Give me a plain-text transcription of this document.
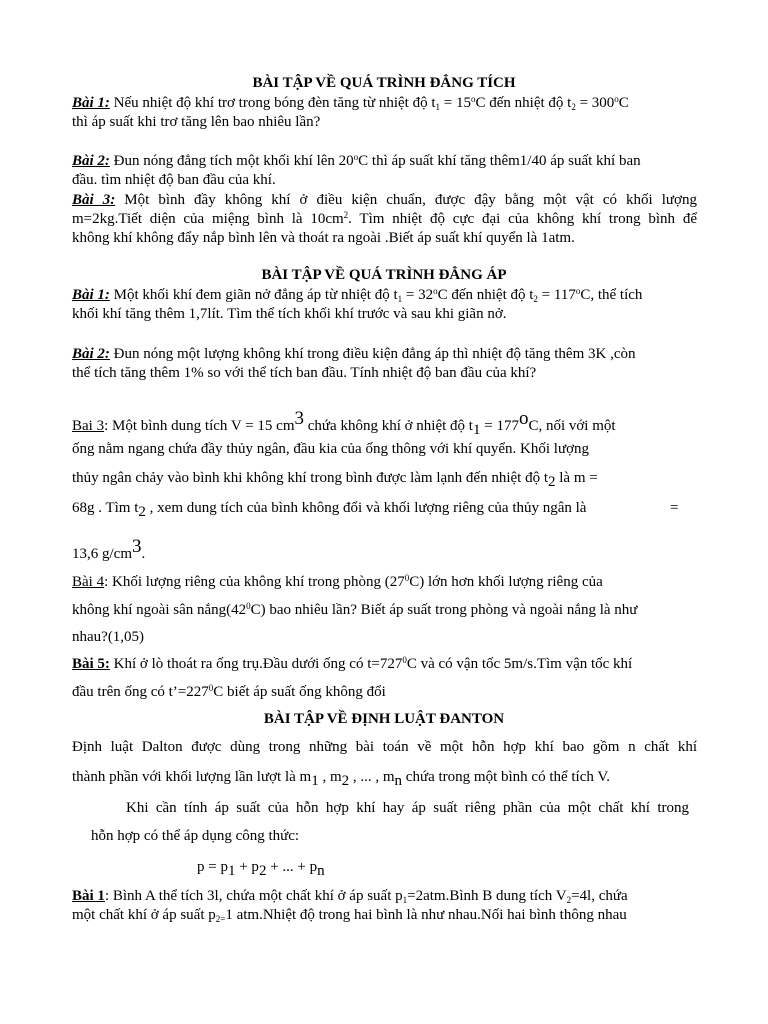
BÀI TẬP VỀ QUÁ TRÌNH ĐẲNG TÍCH
Bài 1: Nếu nhiệt độ khí trơ trong bóng đèn tăng từ nhiệt độ $t_1 = 15^oC$ đến nhiệt độ $t_2 = 300^oC$
thì áp suất khi trơ tăng lên bao nhiêu lần?
Bài 2: Đun nóng đẳng tích một khối khí lên 20$^o$C thì áp suất khí tăng thêm1/40 áp suất khí ban
đầu. tìm nhiệt độ ban đầu của khí.
Bài 3: Một bình đầy không khí ở điều kiện chuẩn, được đậy bằng một vật có khối lượng
m=2kg.Tiết diện của miệng bình là $10cm^2$. Tìm nhiệt độ cực đại của không khí trong bình để
không khí không đẩy nắp bình lên và thoát ra ngoài .Biết áp suất khí quyển là 1atm.
BÀI TẬP VỀ QUÁ TRÌNH ĐẲNG ÁP
Bài 1: Một khối khí đem giãn nở đẳng áp từ nhiệt độ $t_1 = 32^oC$ đến nhiệt độ $t_2 = 117^oC$, thể tích
khối khí tăng thêm 1,7lít. Tìm thể tích khối khí trước và sau khi giãn nở.
Bài 2: Đun nóng một lượng không khí trong điều kiện đẳng áp thì nhiệt độ tăng thêm 3K ,còn
thể tích tăng thêm 1% so với thể tích ban đầu. Tính nhiệt độ ban đầu của khí?
Bai 3: Một bình dung tích V = 15 cm3 chứa không khí ở nhiệt độ t1 = 177oC, nối với một
ống nằm ngang chứa đầy thủy ngân, đầu kia của ống thông với khí quyển. Khối lượng
thủy ngân chảy vào bình khi không khí trong bình được làm lạnh đến nhiệt độ t2 là m =
68g . Tìm t2 , xem dung tích của bình không đổi và khối lượng riêng của thủy ngân là	=
13,6 g/cm3.
Bài 4: Khối lượng riêng của không khí trong phòng $(27^0C)$ lớn hơn khối lượng riêng của
không khí ngoài sân $nắng(42^0C)$ bao nhiêu lần? Biết áp suất trong phòng và ngoài nắng là như
nhau?(1,05)
Bài 5: Khí ở lò thoát ra ống trụ.Đầu dưới ống có $t=727^0C$ và có vận tốc 5m/s.Tìm vận tốc khí
đầu trên ống có $t’=227^0C$ biết áp suất ống không đổi
BÀI TẬP VỀ ĐỊNH LUẬT ĐANTON
Định luật Dalton được dùng trong những bài toán về một hỗn hợp khí bao gồm n chất khí
thành phần với khối lượng lần lượt là m1 , m2 , ... , mn chứa trong một bình có thể tích V.
Khi cần tính áp suất của hỗn hợp khí hay áp suất riêng phần của một chất khí trong
hỗn hợp có thể áp dụng công thức:
p = p1 + p2 + ... + pn
Bài 1: Bình A thể tích 3l, chứa một chất khí ở áp suất $p_1=2atm.Bình$ B dung tích $V_2=4l$, chứa
một chất khí ở áp suất $p_{2=}1$ atm.Nhiệt độ trong hai bình là như nhau.Nối hai bình thông nhau
